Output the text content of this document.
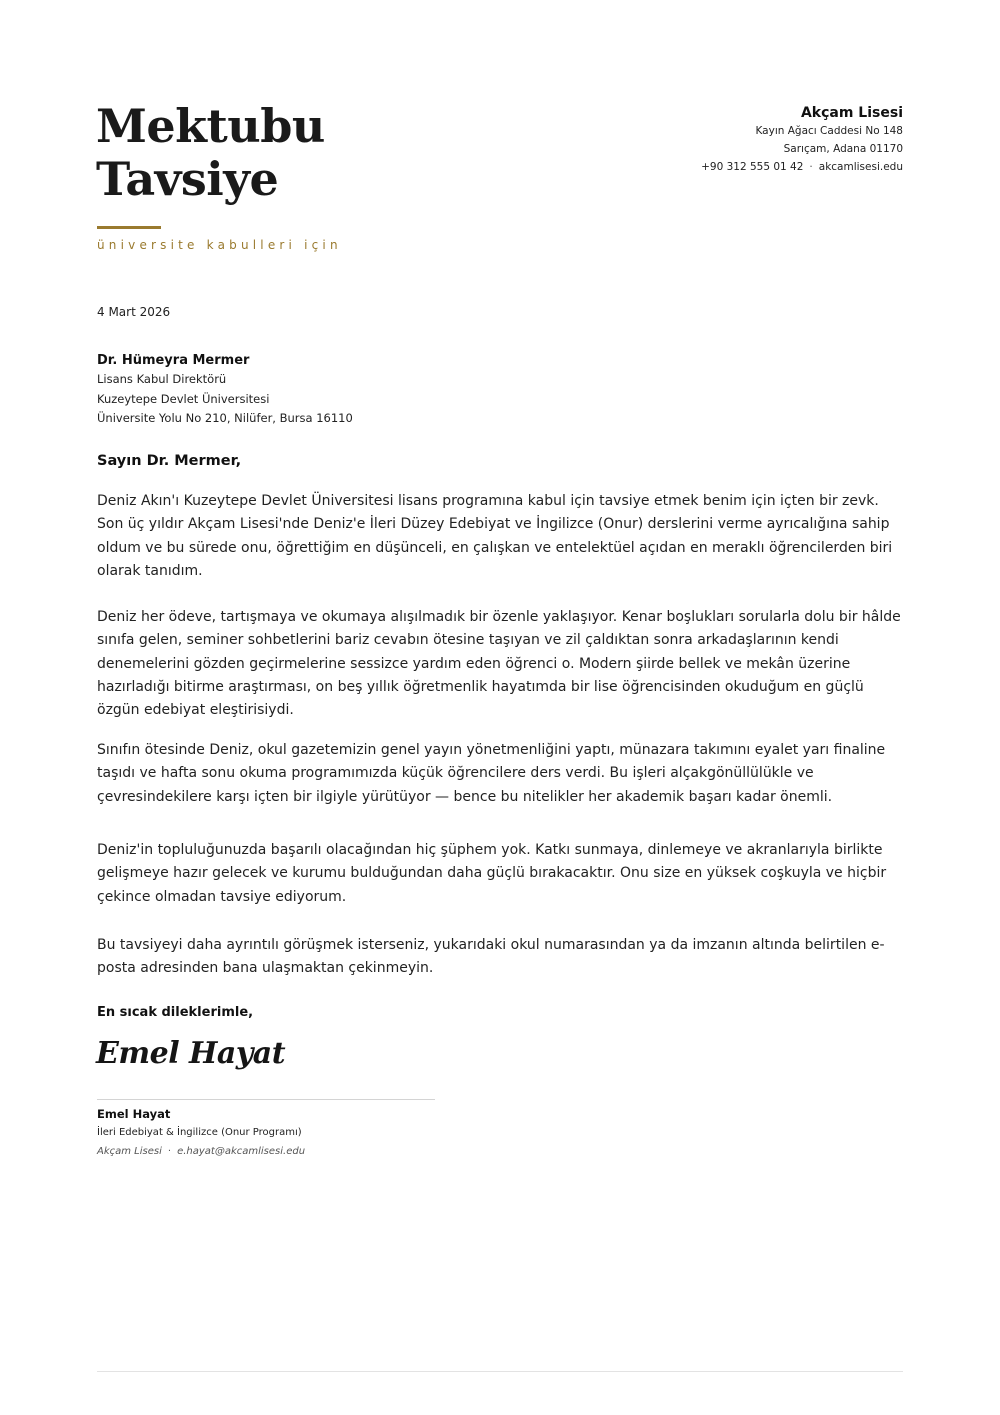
Mektubu
Tavsiye
üniversite kabulleri için
Akçam Lisesi
Kayın Ağacı Caddesi No 148
Sarıçam, Adana 01170
+90 312 555 01 42 · akcamlisesi.edu
4 Mart 2026
Dr. Hümeyra Mermer
Lisans Kabul Direktörü
Kuzeytepe Devlet Üniversitesi
Üniversite Yolu No 210, Nilüfer, Bursa 16110
Sayın Dr. Mermer,

Deniz Akın'ı Kuzeytepe Devlet Üniversitesi lisans programına kabul için tavsiye etmek benim için içten bir zevk. Son üç yıldır Akçam Lisesi'nde Deniz'e İleri Düzey Edebiyat ve İngilizce (Onur) derslerini verme ayrıcalığına sahip oldum ve bu sürede onu, öğrettiğim en düşünceli, en çalışkan ve entelektüel açıdan en meraklı öğrencilerden biri olarak tanıdım.

Deniz her ödeve, tartışmaya ve okumaya alışılmadık bir özenle yaklaşıyor. Kenar boşlukları sorularla dolu bir hâlde sınıfa gelen, seminer sohbetlerini bariz cevabın ötesine taşıyan ve zil çaldıktan sonra arkadaşlarının kendi denemelerini gözden geçirmelerine sessizce yardım eden öğrenci o. Modern şiirde bellek ve mekân üzerine hazırladığı bitirme araştırması, on beş yıllık öğretmenlik hayatımda bir lise öğrencisinden okuduğum en güçlü özgün edebiyat eleştirisiydi.

Sınıfın ötesinde Deniz, okul gazetemizin genel yayın yönetmenliğini yaptı, münazara takımını eyalet yarı finaline taşıdı ve hafta sonu okuma programımızda küçük öğrencilere ders verdi. Bu işleri alçakgönüllülükle ve çevresindekilere karşı içten bir ilgiyle yürütüyor — bence bu nitelikler her akademik başarı kadar önemli.

Deniz'in topluluğunuzda başarılı olacağından hiç şüphem yok. Katkı sunmaya, dinlemeye ve akranlarıyla birlikte gelişmeye hazır gelecek ve kurumu bulduğundan daha güçlü bırakacaktır. Onu size en yüksek coşkuyla ve hiçbir çekince olmadan tavsiye ediyorum.

Bu tavsiyeyi daha ayrıntılı görüşmek isterseniz, yukarıdaki okul numarasından ya da imzanın altında belirtilen e-posta adresinden bana ulaşmaktan çekinmeyin.

En sıcak dileklerimle,
Emel Hayat
Emel Hayat
İleri Edebiyat & İngilizce (Onur Programı)
Akçam Lisesi · e.hayat@akcamlisesi.edu
